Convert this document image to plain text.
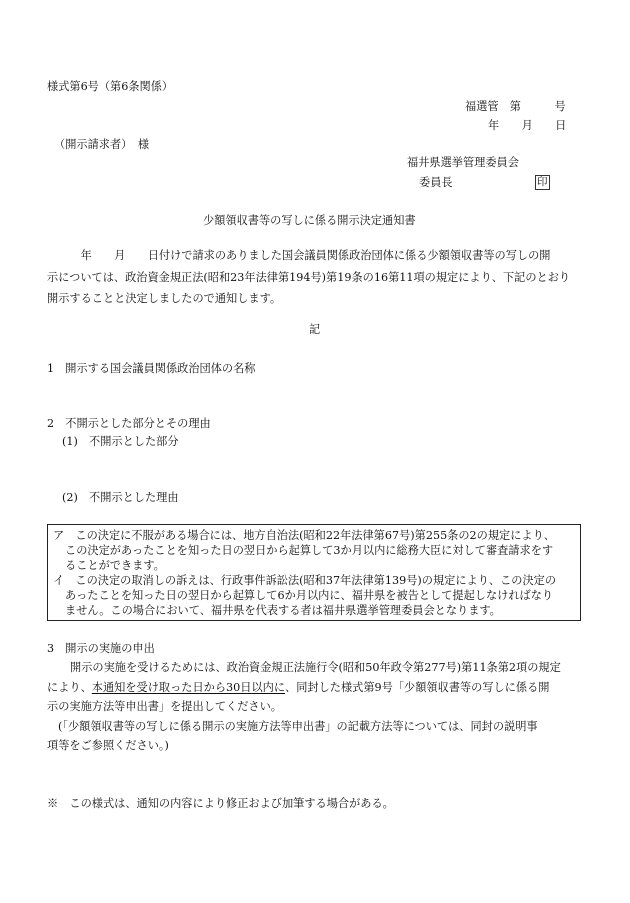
様式第6号（第6条関係）
福選管　第　　　号
年　　月　　日
（開示請求者）　様
福井県選挙管理委員会
委員長	印
少額領収書等の写しに係る開示決定通知書
　　　年　　月　　日付けで請求のありました国会議員関係政治団体に係る少額領収書等の写しの開
示については、政治資金規正法(昭和23年法律第194号)第19条の16第11項の規定により、下記のとおり
開示することと決定しましたので通知します。
記
1　開示する国会議員関係政治団体の名称
2　不開示とした部分とその理由
(1)　不開示とした部分
(2)　不開示とした理由
ア　この決定に不服がある場合には、地方自治法(昭和22年法律第67号)第255条の2の規定により、
この決定があったことを知った日の翌日から起算して3か月以内に総務大臣に対して審査請求をす
ることができます。
イ　この決定の取消しの訴えは、行政事件訴訟法(昭和37年法律第139号)の規定により、この決定の
あったことを知った日の翌日から起算して6か月以内に、福井県を被告として提起しなければなり
ません。この場合において、福井県を代表する者は福井県選挙管理委員会となります。
3　開示の実施の申出
開示の実施を受けるためには、政治資金規正法施行令(昭和50年政令第277号)第11条第2項の規定
により、本通知を受け取った日から30日以内に、同封した様式第9号「少額領収書等の写しに係る開
示の実施方法等申出書」を提出してください。
(「少額領収書等の写しに係る開示の実施方法等申出書」の記載方法等については、同封の説明事
項等をご参照ください。)
※　この様式は、通知の内容により修正および加筆する場合がある。
